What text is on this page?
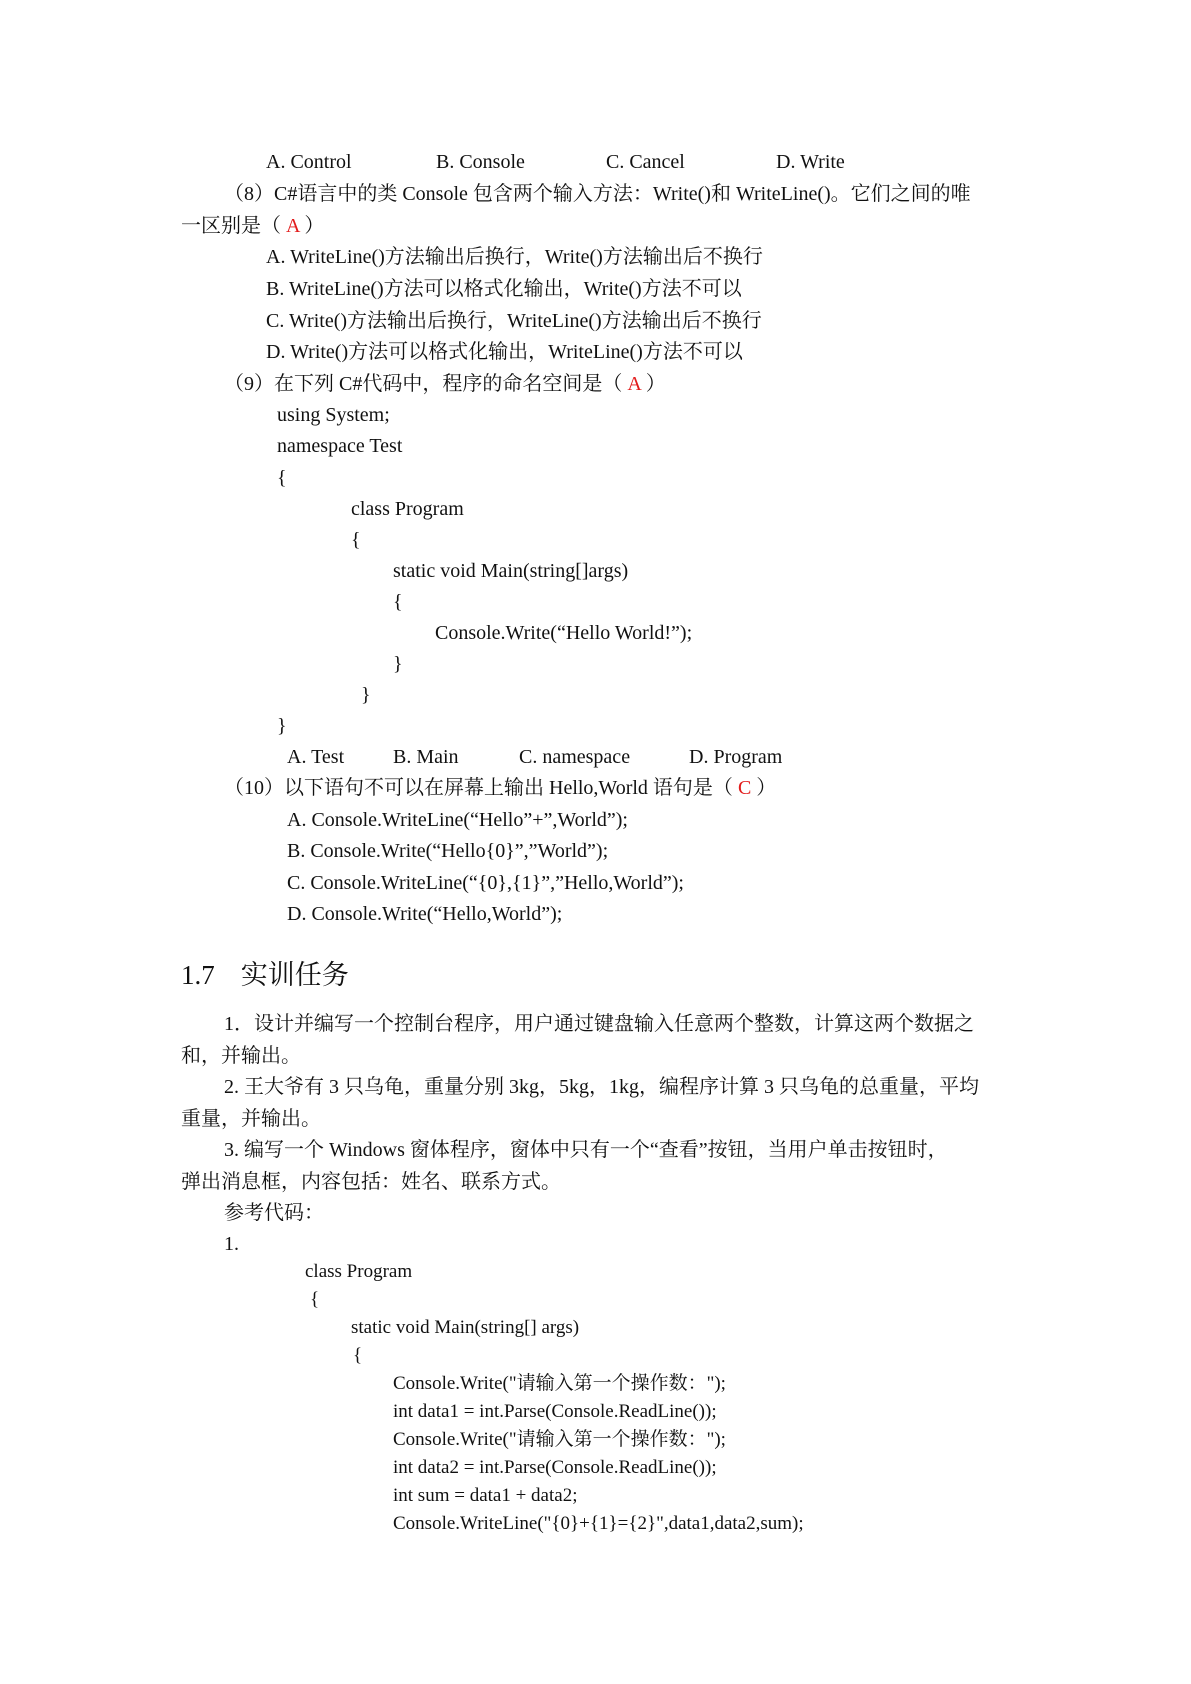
A. Control	B. Console	C. Cancel	D. Write
（8）C#语言中的类 Console 包含两个输入方法：Write()和 WriteLine()。它们之间的唯
一区别是（ A ）
A. WriteLine()方法输出后换行，Write()方法输出后不换行
B. WriteLine()方法可以格式化输出，Write()方法不可以
C. Write()方法输出后换行，WriteLine()方法输出后不换行
D. Write()方法可以格式化输出，WriteLine()方法不可以
（9）在下列 C#代码中，程序的命名空间是（ A ）
using System;
namespace Test
{
class Program
{
static void Main(string[]args)
{
Console.Write(“Hello World!”);
}
}
}
A. Test B. Main	C. namespace	D. Program
（10）以下语句不可以在屏幕上输出 Hello,World 语句是（ C ）
A. Console.WriteLine(“Hello”+”,World”);
B. Console.Write(“Hello{0}”,”World”);
C. Console.WriteLine(“{0},{1}”,”Hello,World”);
D. Console.Write(“Hello,World”);
1.7 实训任务
1．设计并编写一个控制台程序，用户通过键盘输入任意两个整数，计算这两个数据之
和，并输出。
2. 王大爷有 3 只乌龟，重量分别 3kg，5kg，1kg，编程序计算 3 只乌龟的总重量，平均
重量，并输出。
3. 编写一个 Windows 窗体程序，窗体中只有一个“查看”按钮，当用户单击按钮时，
弹出消息框，内容包括：姓名、联系方式。
参考代码：
1.
class Program
{
static void Main(string[] args)
{
Console.Write("请输入第一个操作数：");
int data1 = int.Parse(Console.ReadLine());
Console.Write("请输入第一个操作数：");
int data2 = int.Parse(Console.ReadLine());
int sum = data1 + data2;
Console.WriteLine("{0}+{1}={2}",data1,data2,sum);
